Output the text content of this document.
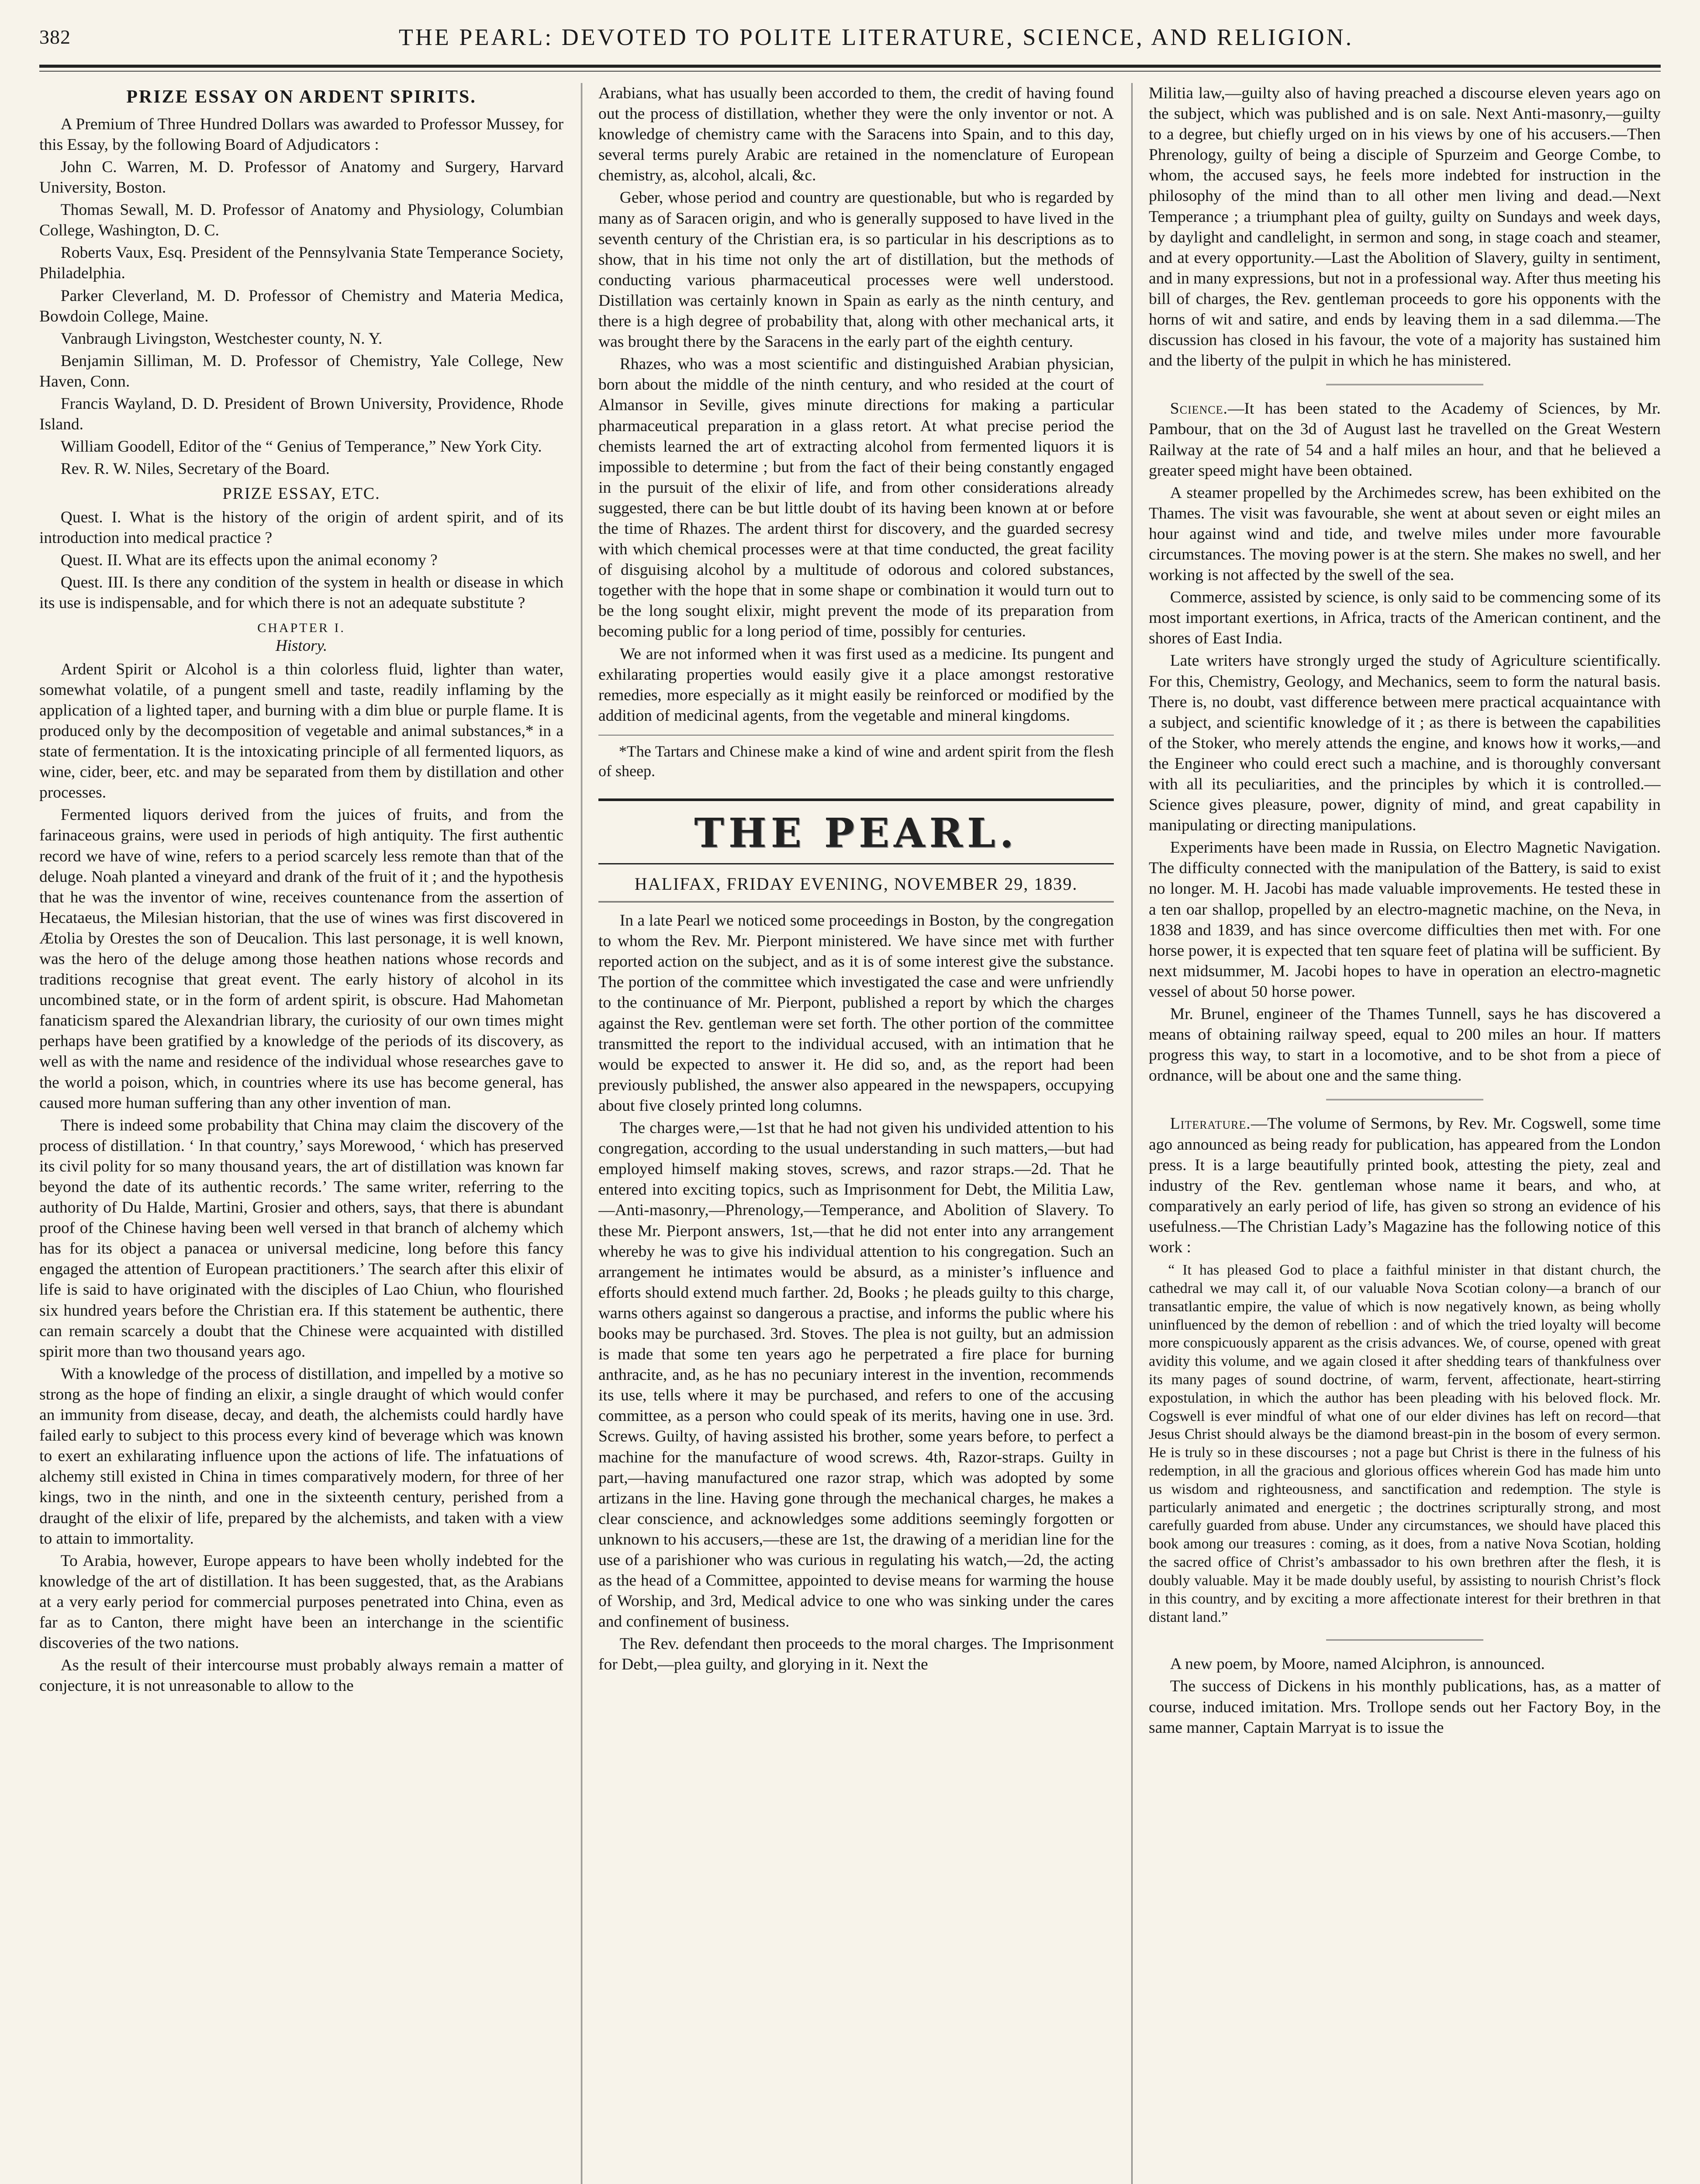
382	THE PEARL: DEVOTED TO POLITE LITERATURE, SCIENCE, AND RELIGION.
PRIZE ESSAY ON ARDENT SPIRITS.

A Premium of Three Hundred Dollars was awarded to Professor Mussey, for this Essay, by the following Board of Adjudicators :

John C. Warren, M. D. Professor of Anatomy and Surgery, Harvard University, Boston.

Thomas Sewall, M. D. Professor of Anatomy and Physiology, Columbian College, Washington, D. C.

Roberts Vaux, Esq. President of the Pennsylvania State Temperance Society, Philadelphia.

Parker Cleverland, M. D. Professor of Chemistry and Materia Medica, Bowdoin College, Maine.

Vanbraugh Livingston, Westchester county, N. Y.

Benjamin Silliman, M. D. Professor of Chemistry, Yale College, New Haven, Conn.

Francis Wayland, D. D. President of Brown University, Providence, Rhode Island.

William Goodell, Editor of the “ Genius of Temperance,” New York City.

Rev. R. W. Niles, Secretary of the Board.

PRIZE ESSAY, ETC.

Quest. I. What is the history of the origin of ardent spirit, and of its introduction into medical practice ?

Quest. II. What are its effects upon the animal economy ?

Quest. III. Is there any condition of the system in health or disease in which its use is indispensable, and for which there is not an adequate substitute ?

CHAPTER I.
History.

Ardent Spirit or Alcohol is a thin colorless fluid, lighter than water, somewhat volatile, of a pungent smell and taste, readily inflaming by the application of a lighted taper, and burning with a dim blue or purple flame. It is produced only by the decomposition of vegetable and animal substances,* in a state of fermentation. It is the intoxicating principle of all fermented liquors, as wine, cider, beer, etc. and may be separated from them by distillation and other processes.

Fermented liquors derived from the juices of fruits, and from the farinaceous grains, were used in periods of high antiquity. The first authentic record we have of wine, refers to a period scarcely less remote than that of the deluge. Noah planted a vineyard and drank of the fruit of it ; and the hypothesis that he was the inventor of wine, receives countenance from the assertion of Hecataeus, the Milesian historian, that the use of wines was first discovered in Ætolia by Orestes the son of Deucalion. This last personage, it is well known, was the hero of the deluge among those heathen nations whose records and traditions recognise that great event. The early history of alcohol in its uncombined state, or in the form of ardent spirit, is obscure. Had Mahometan fanaticism spared the Alexandrian library, the curiosity of our own times might perhaps have been gratified by a knowledge of the periods of its discovery, as well as with the name and residence of the individual whose researches gave to the world a poison, which, in countries where its use has become general, has caused more human suffering than any other invention of man.

There is indeed some probability that China may claim the discovery of the process of distillation. ‘ In that country,’ says Morewood, ‘ which has preserved its civil polity for so many thousand years, the art of distillation was known far beyond the date of its authentic records.’ The same writer, referring to the authority of Du Halde, Martini, Grosier and others, says, that there is abundant proof of the Chinese having been well versed in that branch of alchemy which has for its object a panacea or universal medicine, long before this fancy engaged the attention of European practitioners.’ The search after this elixir of life is said to have originated with the disciples of Lao Chiun, who flourished six hundred years before the Christian era. If this statement be authentic, there can remain scarcely a doubt that the Chinese were acquainted with distilled spirit more than two thousand years ago.

With a knowledge of the process of distillation, and impelled by a motive so strong as the hope of finding an elixir, a single draught of which would confer an immunity from disease, decay, and death, the alchemists could hardly have failed early to subject to this process every kind of beverage which was known to exert an exhilarating influence upon the actions of life. The infatuations of alchemy still existed in China in times comparatively modern, for three of her kings, two in the ninth, and one in the sixteenth century, perished from a draught of the elixir of life, prepared by the alchemists, and taken with a view to attain to immortality.

To Arabia, however, Europe appears to have been wholly indebted for the knowledge of the art of distillation. It has been suggested, that, as the Arabians at a very early period for commercial purposes penetrated into China, even as far as to Canton, there might have been an interchange in the scientific discoveries of the two nations.

As the result of their intercourse must probably always remain a matter of conjecture, it is not unreasonable to allow to the

Arabians, what has usually been accorded to them, the credit of having found out the process of distillation, whether they were the only inventor or not. A knowledge of chemistry came with the Saracens into Spain, and to this day, several terms purely Arabic are retained in the nomenclature of European chemistry, as, alcohol, alcali, &c.

Geber, whose period and country are questionable, but who is regarded by many as of Saracen origin, and who is generally supposed to have lived in the seventh century of the Christian era, is so particular in his descriptions as to show, that in his time not only the art of distillation, but the methods of conducting various pharmaceutical processes were well understood. Distillation was certainly known in Spain as early as the ninth century, and there is a high degree of probability that, along with other mechanical arts, it was brought there by the Saracens in the early part of the eighth century.

Rhazes, who was a most scientific and distinguished Arabian physician, born about the middle of the ninth century, and who resided at the court of Almansor in Seville, gives minute directions for making a particular pharmaceutical preparation in a glass retort. At what precise period the chemists learned the art of extracting alcohol from fermented liquors it is impossible to determine ; but from the fact of their being constantly engaged in the pursuit of the elixir of life, and from other considerations already suggested, there can be but little doubt of its having been known at or before the time of Rhazes. The ardent thirst for discovery, and the guarded secresy with which chemical processes were at that time conducted, the great facility of disguising alcohol by a multitude of odorous and colored substances, together with the hope that in some shape or combination it would turn out to be the long sought elixir, might prevent the mode of its preparation from becoming public for a long period of time, possibly for centuries.

We are not informed when it was first used as a medicine. Its pungent and exhilarating properties would easily give it a place amongst restorative remedies, more especially as it might easily be reinforced or modified by the addition of medicinal agents, from the vegetable and mineral kingdoms.

*The Tartars and Chinese make a kind of wine and ardent spirit from the flesh of sheep.

THE PEARL.
HALIFAX, FRIDAY EVENING, NOVEMBER 29, 1839.

In a late Pearl we noticed some proceedings in Boston, by the congregation to whom the Rev. Mr. Pierpont ministered. We have since met with further reported action on the subject, and as it is of some interest give the substance. The portion of the committee which investigated the case and were unfriendly to the continuance of Mr. Pierpont, published a report by which the charges against the Rev. gentleman were set forth. The other portion of the committee transmitted the report to the individual accused, with an intimation that he would be expected to answer it. He did so, and, as the report had been previously published, the answer also appeared in the newspapers, occupying about five closely printed long columns.

The charges were,—1st that he had not given his undivided attention to his congregation, according to the usual understanding in such matters,—but had employed himself making stoves, screws, and razor straps.—2d. That he entered into exciting topics, such as Imprisonment for Debt, the Militia Law,—Anti-masonry,—Phrenology,—Temperance, and Abolition of Slavery. To these Mr. Pierpont answers, 1st,—that he did not enter into any arrangement whereby he was to give his individual attention to his congregation. Such an arrangement he intimates would be absurd, as a minister’s influence and efforts should extend much farther. 2d, Books ; he pleads guilty to this charge, warns others against so dangerous a practise, and informs the public where his books may be purchased. 3rd. Stoves. The plea is not guilty, but an admission is made that some ten years ago he perpetrated a fire place for burning anthracite, and, as he has no pecuniary interest in the invention, recommends its use, tells where it may be purchased, and refers to one of the accusing committee, as a person who could speak of its merits, having one in use. 3rd. Screws. Guilty, of having assisted his brother, some years before, to perfect a machine for the manufacture of wood screws. 4th, Razor-straps. Guilty in part,—having manufactured one razor strap, which was adopted by some artizans in the line. Having gone through the mechanical charges, he makes a clear conscience, and acknowledges some additions seemingly forgotten or unknown to his accusers,—these are 1st, the drawing of a meridian line for the use of a parishioner who was curious in regulating his watch,—2d, the acting as the head of a Committee, appointed to devise means for warming the house of Worship, and 3rd, Medical advice to one who was sinking under the cares and confinement of business.

The Rev. defendant then proceeds to the moral charges. The Imprisonment for Debt,—plea guilty, and glorying in it. Next the

Militia law,—guilty also of having preached a discourse eleven years ago on the subject, which was published and is on sale. Next Anti-masonry,—guilty to a degree, but chiefly urged on in his views by one of his accusers.—Then Phrenology, guilty of being a disciple of Spurzeim and George Combe, to whom, the accused says, he feels more indebted for instruction in the philosophy of the mind than to all other men living and dead.—Next Temperance ; a triumphant plea of guilty, guilty on Sundays and week days, by daylight and candlelight, in sermon and song, in stage coach and steamer, and at every opportunity.—Last the Abolition of Slavery, guilty in sentiment, and in many expressions, but not in a professional way. After thus meeting his bill of charges, the Rev. gentleman proceeds to gore his opponents with the horns of wit and satire, and ends by leaving them in a sad dilemma.—The discussion has closed in his favour, the vote of a majority has sustained him and the liberty of the pulpit in which he has ministered.

Science.—It has been stated to the Academy of Sciences, by Mr. Pambour, that on the 3d of August last he travelled on the Great Western Railway at the rate of 54 and a half miles an hour, and that he believed a greater speed might have been obtained.

A steamer propelled by the Archimedes screw, has been exhibited on the Thames. The visit was favourable, she went at about seven or eight miles an hour against wind and tide, and twelve miles under more favourable circumstances. The moving power is at the stern. She makes no swell, and her working is not affected by the swell of the sea.

Commerce, assisted by science, is only said to be commencing some of its most important exertions, in Africa, tracts of the American continent, and the shores of East India.

Late writers have strongly urged the study of Agriculture scientifically. For this, Chemistry, Geology, and Mechanics, seem to form the natural basis. There is, no doubt, vast difference between mere practical acquaintance with a subject, and scientific knowledge of it ; as there is between the capabilities of the Stoker, who merely attends the engine, and knows how it works,—and the Engineer who could erect such a machine, and is thoroughly conversant with all its peculiarities, and the principles by which it is controlled.—Science gives pleasure, power, dignity of mind, and great capability in manipulating or directing manipulations.

Experiments have been made in Russia, on Electro Magnetic Navigation. The difficulty connected with the manipulation of the Battery, is said to exist no longer. M. H. Jacobi has made valuable improvements. He tested these in a ten oar shallop, propelled by an electro-magnetic machine, on the Neva, in 1838 and 1839, and has since overcome difficulties then met with. For one horse power, it is expected that ten square feet of platina will be sufficient. By next midsummer, M. Jacobi hopes to have in operation an electro-magnetic vessel of about 50 horse power.

Mr. Brunel, engineer of the Thames Tunnell, says he has discovered a means of obtaining railway speed, equal to 200 miles an hour. If matters progress this way, to start in a locomotive, and to be shot from a piece of ordnance, will be about one and the same thing.

Literature.—The volume of Sermons, by Rev. Mr. Cogswell, some time ago announced as being ready for publication, has appeared from the London press. It is a large beautifully printed book, attesting the piety, zeal and industry of the Rev. gentleman whose name it bears, and who, at comparatively an early period of life, has given so strong an evidence of his usefulness.—The Christian Lady’s Magazine has the following notice of this work :

“ It has pleased God to place a faithful minister in that distant church, the cathedral we may call it, of our valuable Nova Scotian colony—a branch of our transatlantic empire, the value of which is now negatively known, as being wholly uninfluenced by the demon of rebellion : and of which the tried loyalty will become more conspicuously apparent as the crisis advances. We, of course, opened with great avidity this volume, and we again closed it after shedding tears of thankfulness over its many pages of sound doctrine, of warm, fervent, affectionate, heart-stirring expostulation, in which the author has been pleading with his beloved flock. Mr. Cogswell is ever mindful of what one of our elder divines has left on record—that Jesus Christ should always be the diamond breast-pin in the bosom of every sermon. He is truly so in these discourses ; not a page but Christ is there in the fulness of his redemption, in all the gracious and glorious offices wherein God has made him unto us wisdom and righteousness, and sanctification and redemption. The style is particularly animated and energetic ; the doctrines scripturally strong, and most carefully guarded from abuse. Under any circumstances, we should have placed this book among our treasures : coming, as it does, from a native Nova Scotian, holding the sacred office of Christ’s ambassador to his own brethren after the flesh, it is doubly valuable. May it be made doubly useful, by assisting to nourish Christ’s flock in this country, and by exciting a more affectionate interest for their brethren in that distant land.”

A new poem, by Moore, named Alciphron, is announced.

The success of Dickens in his monthly publications, has, as a matter of course, induced imitation. Mrs. Trollope sends out her Factory Boy, in the same manner, Captain Marryat is to issue the
